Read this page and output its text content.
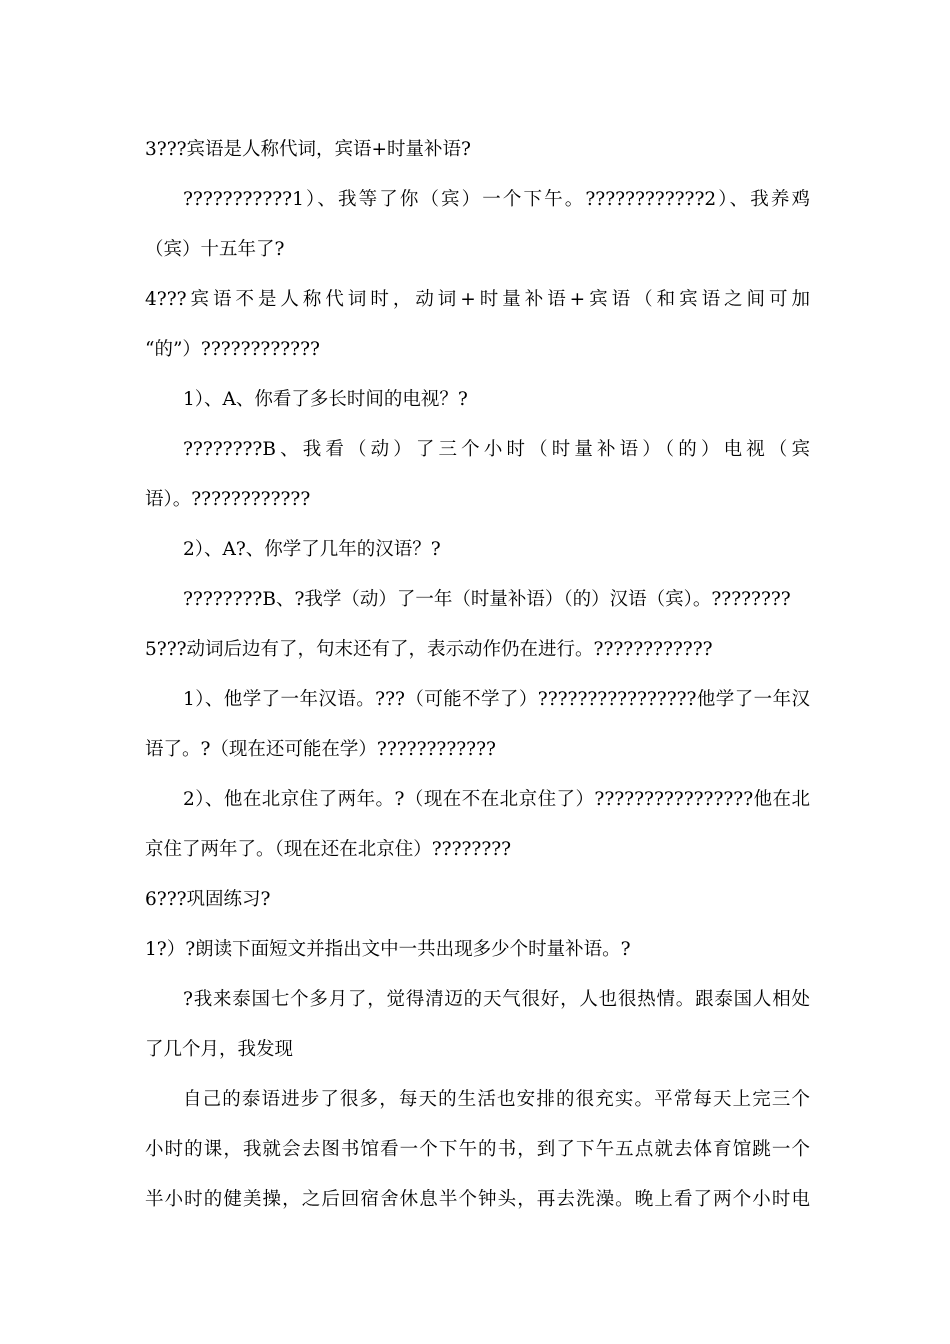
3???宾语是人称代词，宾语+时量补语?
???????????1）、我等了你（宾）一个下午。????????????2）、我养鸡
（宾）十五年了?
4???宾语不是人称代词时，动词+时量补语+宾语（和宾语之间可加
“的”）????????????
1）、A、你看了多长时间的电视？?
????????B、我看（动）了三个小时（时量补语）（的）电视（宾
语）。????????????
2）、A?、你学了几年的汉语？?
????????B、?我学（动）了一年（时量补语）（的）汉语（宾）。????????
5???动词后边有了，句末还有了，表示动作仍在进行。????????????
1）、他学了一年汉语。???（可能不学了）????????????????他学了一年汉
语了。?（现在还可能在学）????????????
2）、他在北京住了两年。?（现在不在北京住了）????????????????他在北
京住了两年了。（现在还在北京住）????????
6???巩固练习?
1?）?朗读下面短文并指出文中一共出现多少个时量补语。?
?我来泰国七个多月了，觉得清迈的天气很好，人也很热情。跟泰国人相处
了几个月，我发现
自己的泰语进步了很多，每天的生活也安排的很充实。平常每天上完三个
小时的课，我就会去图书馆看一个下午的书，到了下午五点就去体育馆跳一个
半小时的健美操，之后回宿舍休息半个钟头，再去洗澡。晚上看了两个小时电
